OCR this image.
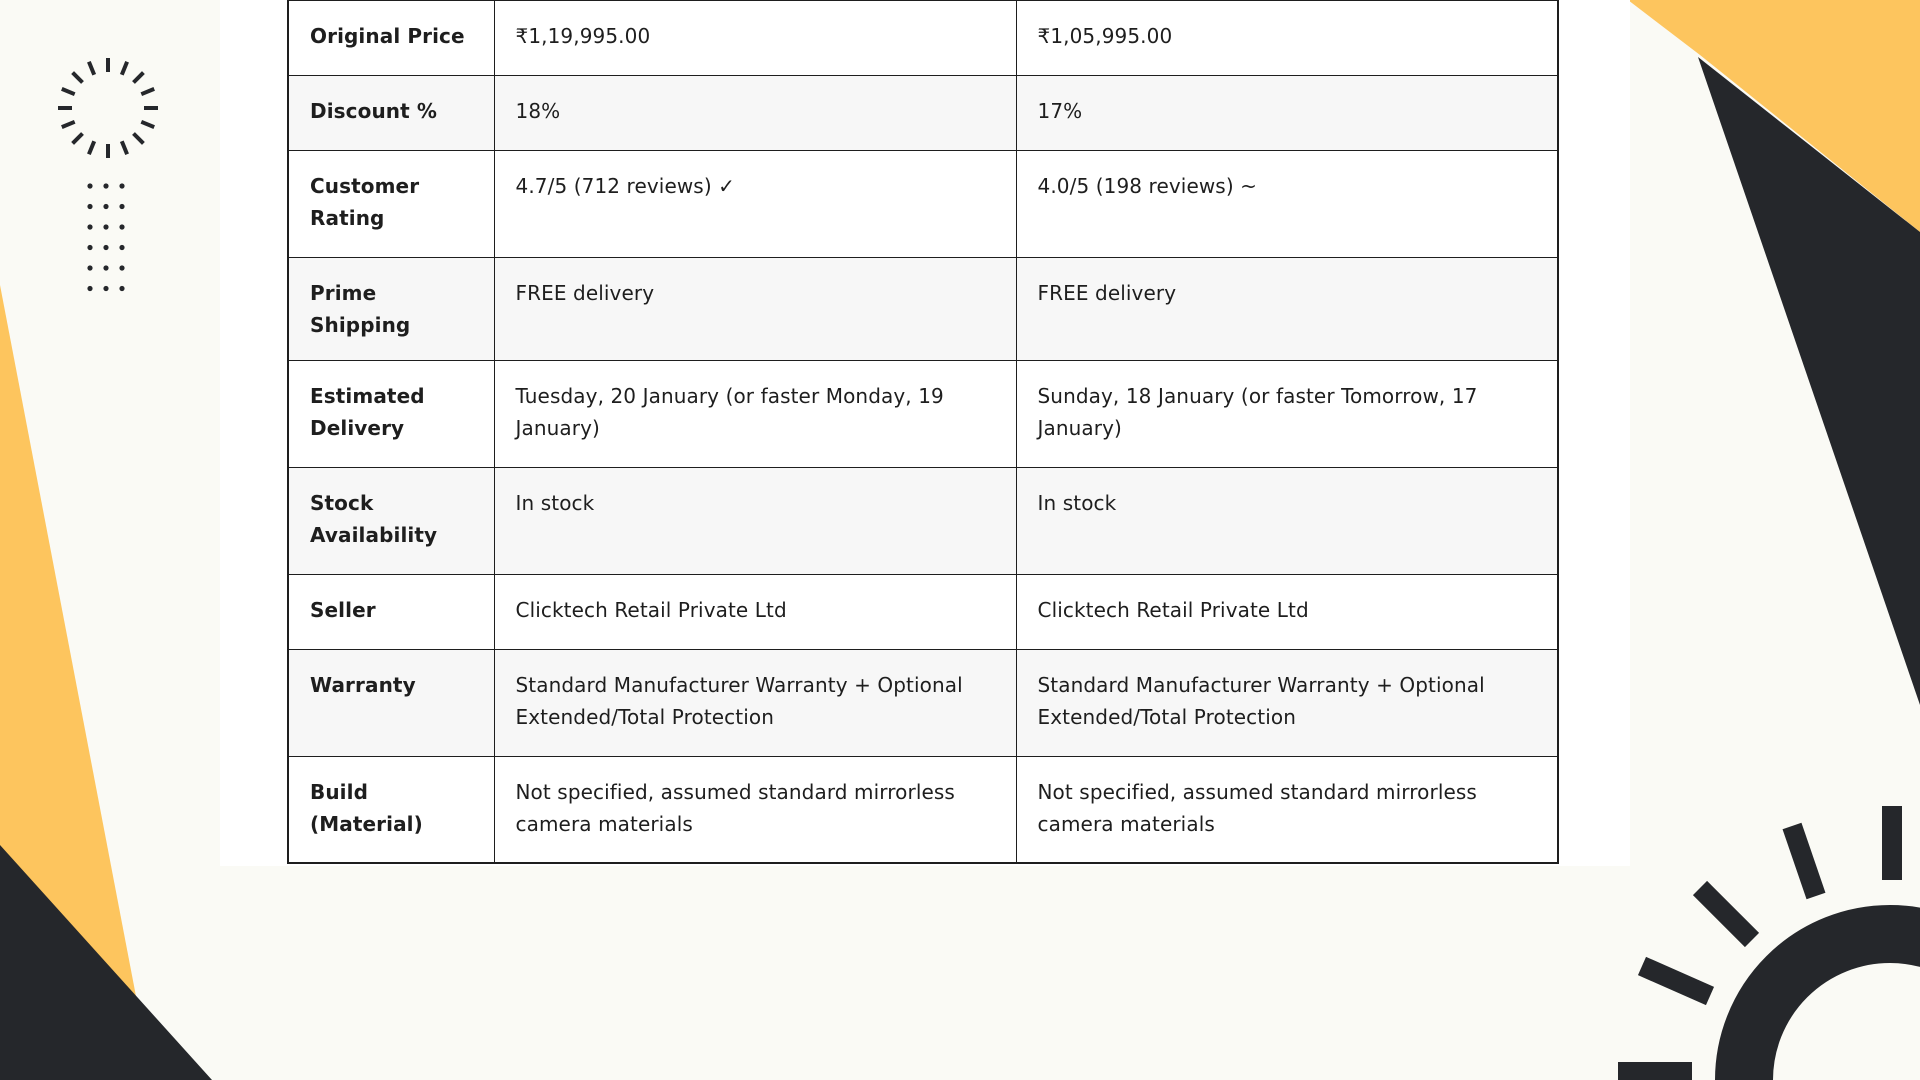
Original Price	₹1,19,995.00	₹1,05,995.00
Discount %	18%	17%
Customer Rating	4.7/5 (712 reviews) ✓	4.0/5 (198 reviews) ~
Prime Shipping	FREE delivery	FREE delivery
Estimated Delivery	Tuesday, 20 January (or faster Monday, 19 January)	Sunday, 18 January (or faster Tomorrow, 17 January)
Stock Availability	In stock	In stock
Seller	Clicktech Retail Private Ltd	Clicktech Retail Private Ltd
Warranty	Standard Manufacturer Warranty + Optional Extended/Total Protection	Standard Manufacturer Warranty + Optional Extended/Total Protection
Build (Material)	Not specified, assumed standard mirrorless camera materials	Not specified, assumed standard mirrorless camera materials
